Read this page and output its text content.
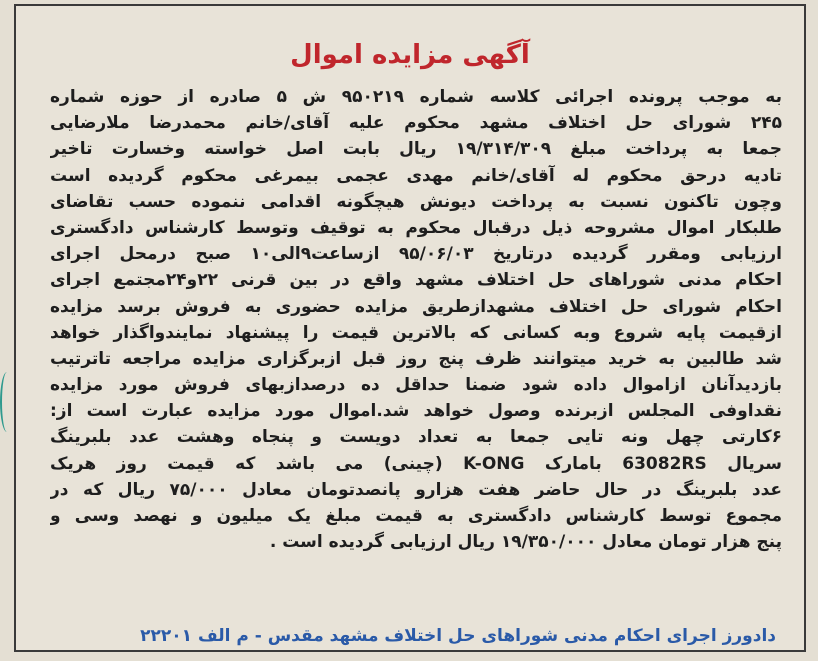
آگهی مزایده اموال
به موجب پرونده اجرائی کلاسه شماره ۹۵۰۲۱۹ ش ۵ صادره از حوزه شماره
۲۴۵ شورای حل اختلاف مشهد محکوم علیه آقای/خانم محمدرضا ملارضایی
جمعا به پرداخت مبلغ ۱۹/۳۱۴/۳۰۹ ریال بابت اصل خواسته وخسارت تاخیر
تادیه درحق محکوم له آقای/خانم مهدی عجمی بیمرغی محکوم گردیده است
وچون تاکنون نسبت به پرداخت دیونش هیچگونه اقدامی ننموده حسب تقاضای
طلبکار اموال مشروحه ذیل درقبال محکوم به توقیف وتوسط کارشناس دادگستری
ارزیابی ومقرر گردیده درتاریخ ۹۵/۰۶/۰۳ ازساعت۹الی۱۰ صبح درمحل اجرای
احکام مدنی شوراهای حل اختلاف مشهد واقع در بین قرنی ۲۲و۲۴مجتمع اجرای
احکام شورای حل اختلاف مشهدازطریق مزایده حضوری به فروش برسد مزایده
ازقیمت پایه شروع وبه کسانی که بالاترین قیمت را پیشنهاد نمایندواگذار خواهد
شد طالبین به خرید میتوانند ظرف پنج روز قبل ازبرگزاری مزایده مراجعه تاترتیب
بازدیدآنان ازاموال داده شود ضمنا حداقل ده درصدازبهای فروش مورد مزایده
نقداوفی المجلس ازبرنده وصول خواهد شد.اموال مورد مزایده عبارت است از:
۶کارتی چهل ونه تایی جمعا به تعداد دویست و پنجاه وهشت عدد بلبرینگ
سریال 63082RS بامارک K-ONG (چینی) می باشد که قیمت روز هریک
عدد بلبرینگ در حال حاضر هفت هزارو پانصدتومان معادل ۷۵/۰۰۰ ریال که در
مجموع توسط کارشناس دادگستری به قیمت مبلغ یک میلیون و نهصد وسی و
پنج هزار تومان معادل ۱۹/۳۵۰/۰۰۰ ریال ارزیابی گردیده است .
دادورز اجرای احکام مدنی شوراهای حل اختلاف مشهد مقدس - م الف ۲۲۲۰۱
